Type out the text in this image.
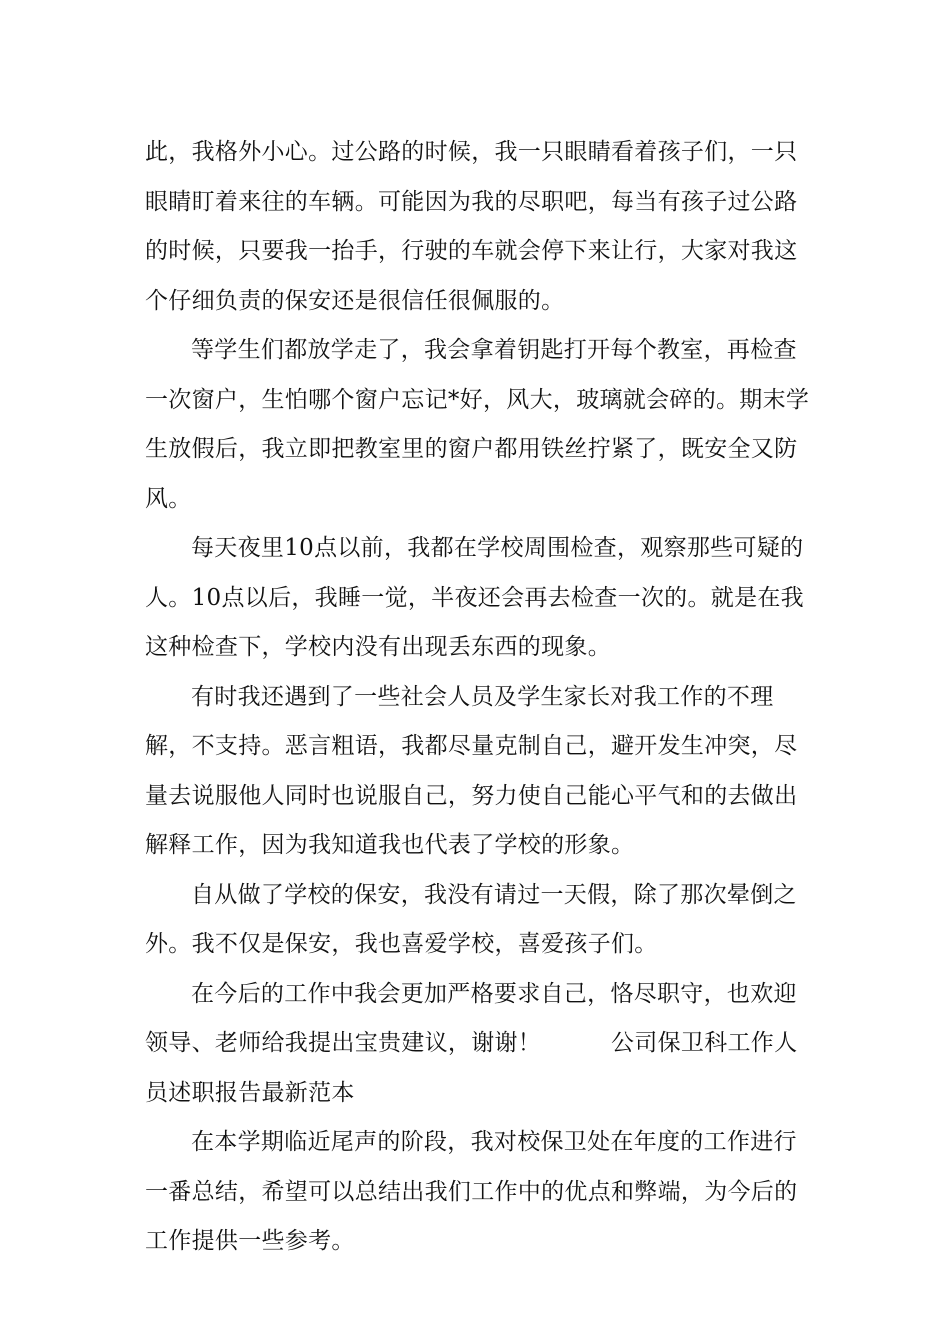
此，我格外小心。过公路的时候，我一只眼睛看着孩子们，一只眼睛盯着来往的车辆。可能因为我的尽职吧，每当有孩子过公路的时候，只要我一抬手，行驶的车就会停下来让行，大家对我这个仔细负责的保安还是很信任很佩服的。

等学生们都放学走了，我会拿着钥匙打开每个教室，再检查一次窗户，生怕哪个窗户忘记*好，风大，玻璃就会碎的。期末学生放假后，我立即把教室里的窗户都用铁丝拧紧了，既安全又防风。

每天夜里10点以前，我都在学校周围检查，观察那些可疑的人。10点以后，我睡一觉，半夜还会再去检查一次的。就是在我这种检查下，学校内没有出现丢东西的现象。

有时我还遇到了一些社会人员及学生家长对我工作的不理解，不支持。恶言粗语，我都尽量克制自己，避开发生冲突，尽量去说服他人同时也说服自己，努力使自己能心平气和的去做出解释工作，因为我知道我也代表了学校的形象。

自从做了学校的保安，我没有请过一天假，除了那次晕倒之外。我不仅是保安，我也喜爱学校，喜爱孩子们。

在今后的工作中我会更加严格要求自己，恪尽职守，也欢迎领导、老师给我提出宝贵建议，谢谢！　　　公司保卫科工作人员述职报告最新范本

在本学期临近尾声的阶段，我对校保卫处在年度的工作进行一番总结，希望可以总结出我们工作中的优点和弊端，为今后的工作提供一些参考。
